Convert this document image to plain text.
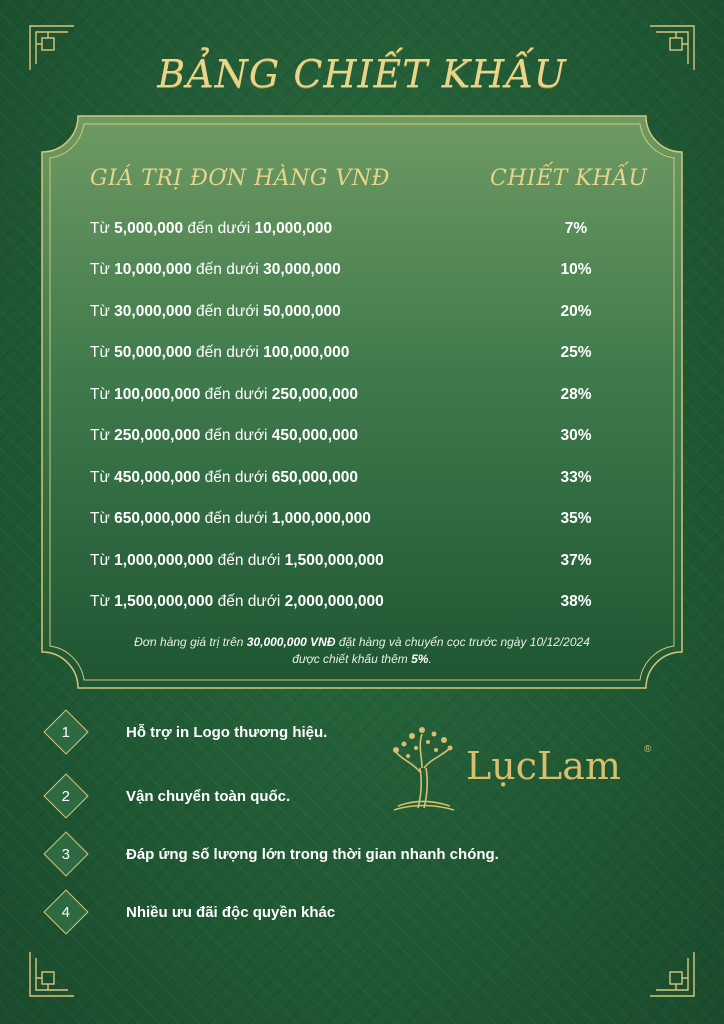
BẢNG CHIẾT KHẤU
GIÁ TRỊ ĐƠN HÀNG VNĐ	CHIẾT KHẤU
Từ 5,000,000 đến dưới 10,000,000	7%
Từ 10,000,000 đến dưới 30,000,000	10%
Từ 30,000,000 đến dưới 50,000,000	20%
Từ 50,000,000 đến dưới 100,000,000	25%
Từ 100,000,000 đến dưới 250,000,000	28%
Từ 250,000,000 đến dưới 450,000,000	30%
Từ 450,000,000 đến dưới 650,000,000	33%
Từ 650,000,000 đến dưới 1,000,000,000	35%
Từ 1,000,000,000 đến dưới 1,500,000,000	37%
Từ 1,500,000,000 đến dưới 2,000,000,000	38%
Đơn hàng giá trị trên 30,000,000 VNĐ đặt hàng và chuyển cọc trước ngày 10/12/2024
được chiết khấu thêm 5%.
1	Hỗ trợ in Logo thương hiệu.
2	Vận chuyển toàn quốc.
3	Đáp ứng số lượng lớn trong thời gian nhanh chóng.
4	Nhiều ưu đãi độc quyền khác
LụcLam ®
